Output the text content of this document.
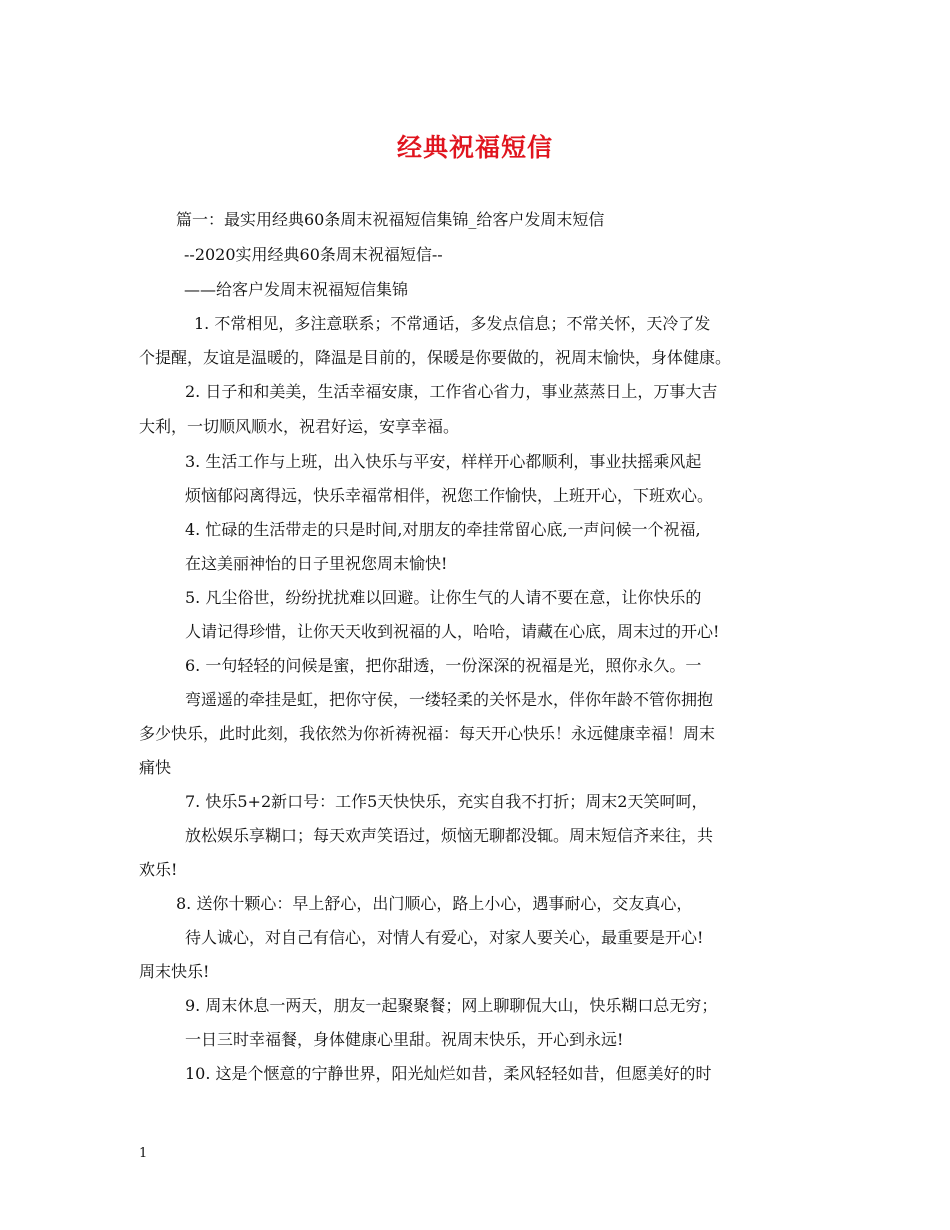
经典祝福短信
篇一：最实用经典60条周末祝福短信集锦_给客户发周末短信
--2020实用经典60条周末祝福短信--
——给客户发周末祝福短信集锦
1. 不常相见，多注意联系；不常通话，多发点信息；不常关怀，天冷了发
个提醒，友谊是温暖的，降温是目前的，保暖是你要做的，祝周末愉快，身体健康。
2. 日子和和美美，生活幸福安康，工作省心省力，事业蒸蒸日上，万事大吉
大利，一切顺风顺水，祝君好运，安享幸福。
3. 生活工作与上班，出入快乐与平安，样样开心都顺利，事业扶摇乘风起
烦恼郁闷离得远，快乐幸福常相伴，祝您工作愉快，上班开心，下班欢心。
4. 忙碌的生活带走的只是时间,对朋友的牵挂常留心底,一声问候一个祝福,
在这美丽神怡的日子里祝您周末愉快!
5. 凡尘俗世，纷纷扰扰难以回避。让你生气的人请不要在意，让你快乐的
人请记得珍惜，让你天天收到祝福的人，哈哈，请藏在心底，周末过的开心!
6. 一句轻轻的问候是蜜，把你甜透，一份深深的祝福是光，照你永久。一
弯遥遥的牵挂是虹，把你守侯，一缕轻柔的关怀是水，伴你年龄不管你拥抱
多少快乐，此时此刻，我依然为你祈祷祝福：每天开心快乐！永远健康幸福！周末
痛快
7. 快乐5+2新口号：工作5天快快乐，充实自我不打折；周末2天笑呵呵，
放松娱乐享糊口；每天欢声笑语过，烦恼无聊都没辄。周末短信齐来往，共
欢乐!
8. 送你十颗心：早上舒心，出门顺心，路上小心，遇事耐心，交友真心，
待人诚心，对自己有信心，对情人有爱心，对家人要关心，最重要是开心!
周末快乐!
9. 周末休息一两天，朋友一起聚聚餐；网上聊聊侃大山，快乐糊口总无穷；
一日三时幸福餐，身体健康心里甜。祝周末快乐，开心到永远!
10. 这是个惬意的宁静世界，阳光灿烂如昔，柔风轻轻如昔，但愿美好的时
1
